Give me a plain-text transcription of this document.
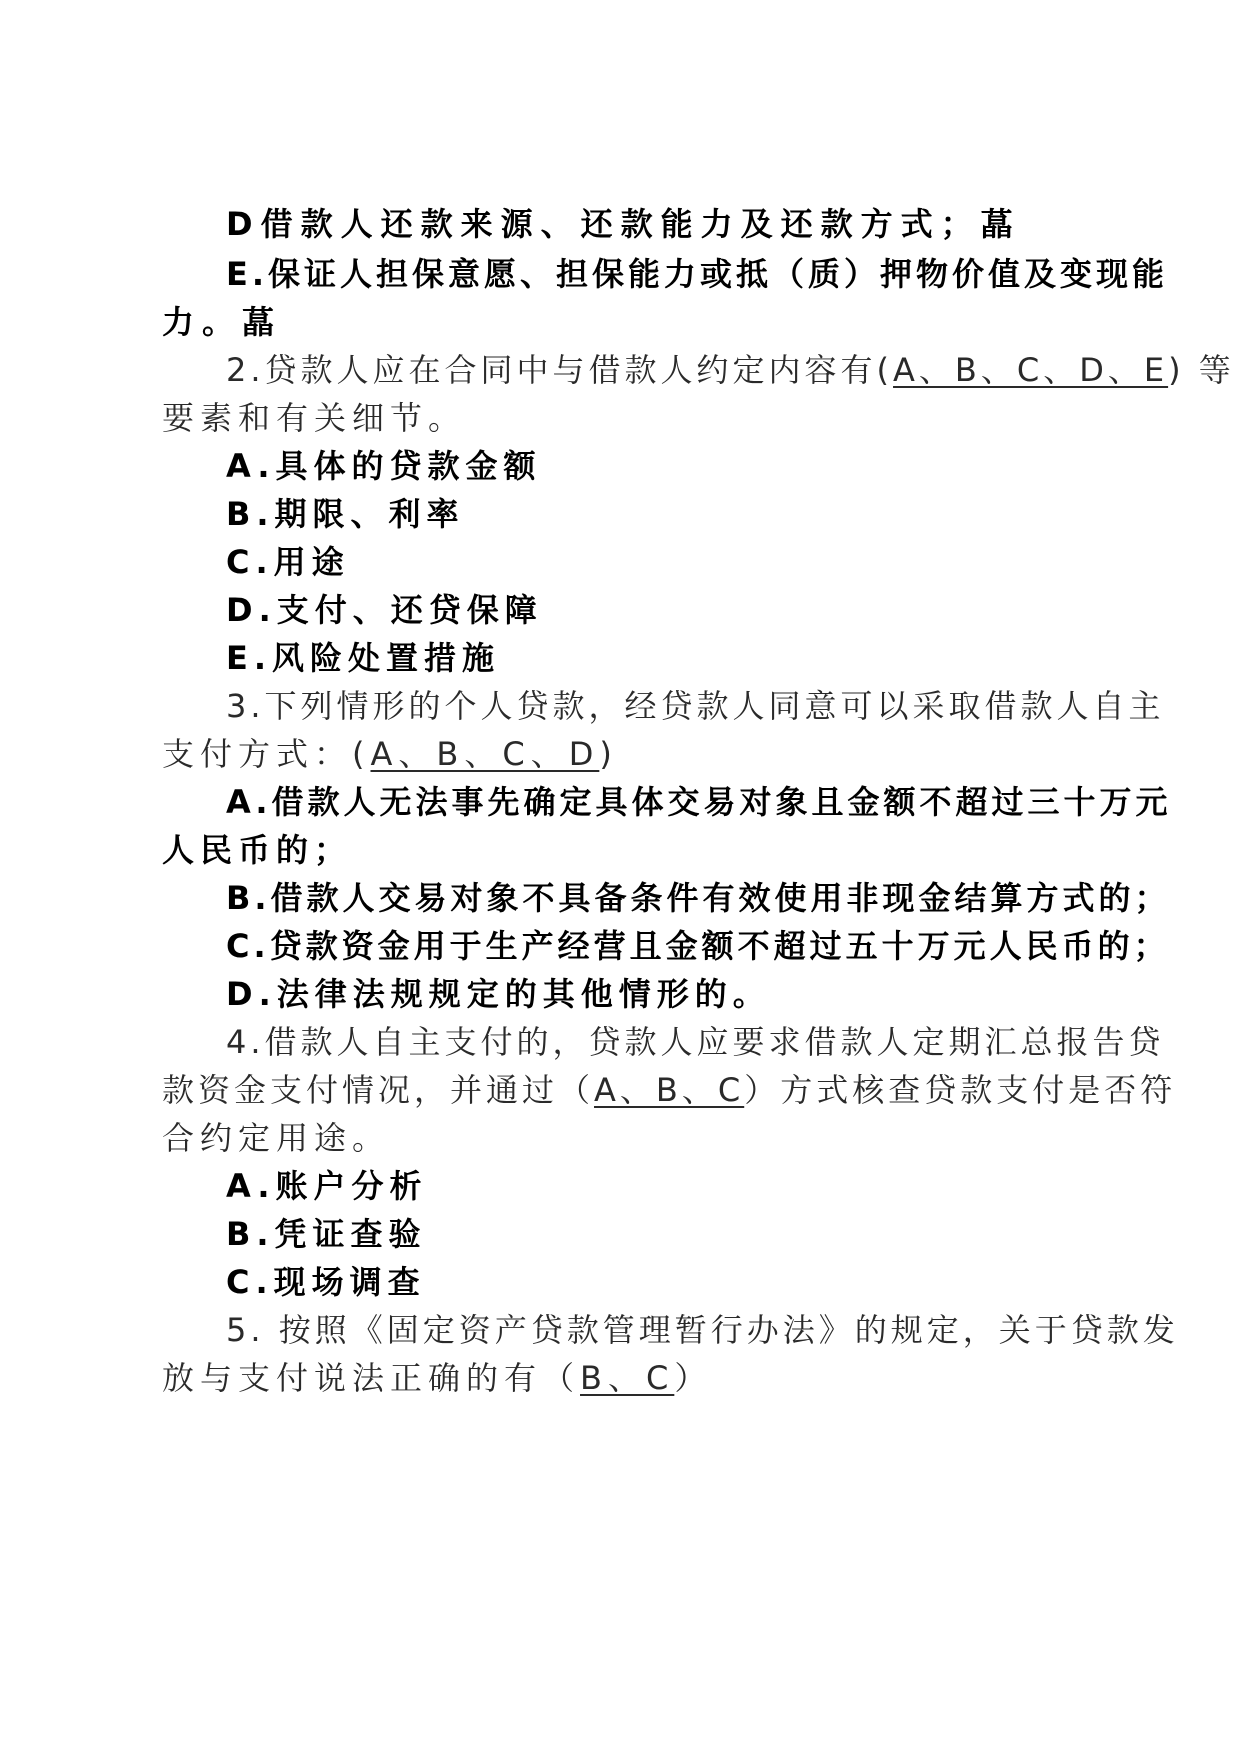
D借款人还款来源、还款能力及还款方式；蕌
E.保证人担保意愿、担保能力或抵（质）押物价值及变现能
力。蕌
2.贷款人应在合同中与借款人约定内容有(A、B、C、D、E) 等
要素和有关细节。
A.具体的贷款金额
B.期限、利率
C.用途
D.支付、还贷保障
E.风险处置措施
3.下列情形的个人贷款，经贷款人同意可以采取借款人自主
支付方式：(A、B、C、D)
A.借款人无法事先确定具体交易对象且金额不超过三十万元
人民币的；
B.借款人交易对象不具备条件有效使用非现金结算方式的；
C.贷款资金用于生产经营且金额不超过五十万元人民币的；
D.法律法规规定的其他情形的。
4.借款人自主支付的，贷款人应要求借款人定期汇总报告贷
款资金支付情况，并通过（A、B、C）方式核查贷款支付是否符
合约定用途。
A.账户分析
B.凭证查验
C.现场调查
5. 按照《固定资产贷款管理暂行办法》的规定，关于贷款发
放与支付说法正确的有（B、C）
